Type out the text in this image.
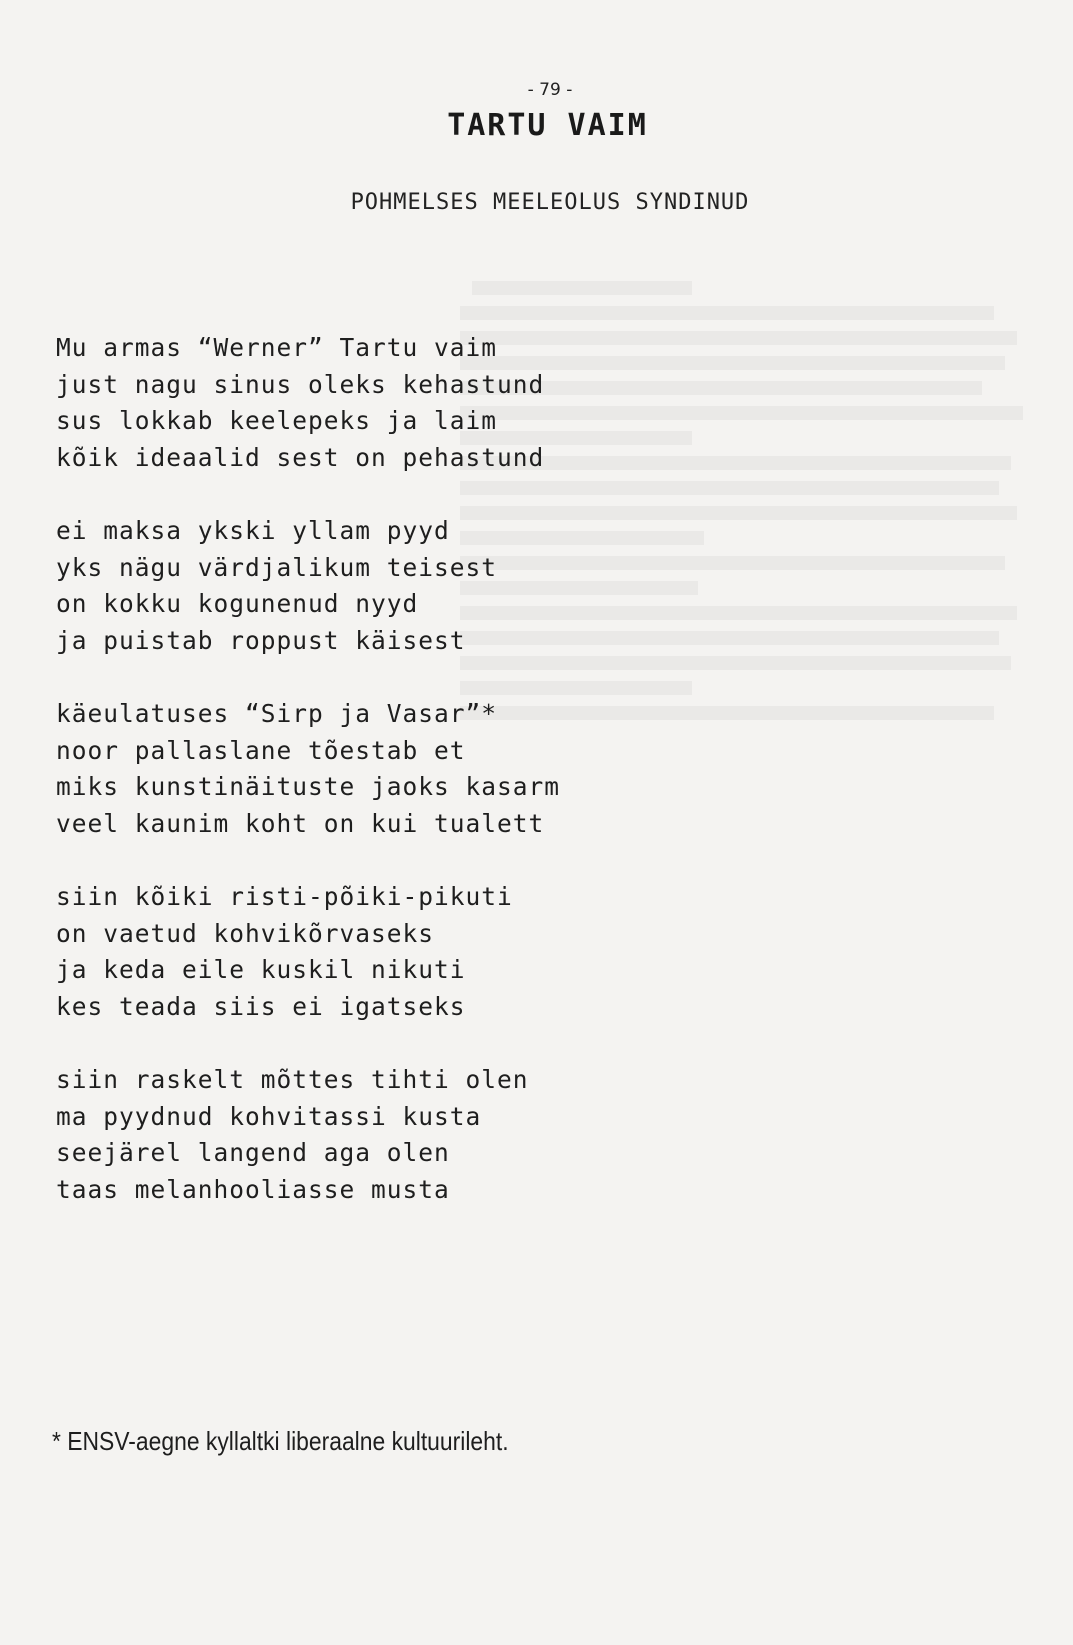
- 79 -
TARTU VAIM
POHMELSES MEELEOLUS SYNDINUD
Mu armas “Werner” Tartu vaim
just nagu sinus oleks kehastund
sus lokkab keelepeks ja laim
kõik ideaalid sest on pehastund
ei maksa ykski yllam pyyd
yks nägu värdjalikum teisest
on kokku kogunenud nyyd
ja puistab roppust käisest
käeulatuses “Sirp ja Vasar”*
noor pallaslane tõestab et
miks kunstinäituste jaoks kasarm
veel kaunim koht on kui tualett
siin kõiki risti-põiki-pikuti
on vaetud kohvikõrvaseks
ja keda eile kuskil nikuti
kes teada siis ei igatseks
siin raskelt mõttes tihti olen
ma pyydnud kohvitassi kusta
seejärel langend aga olen
taas melanhooliasse musta
* ENSV-aegne kyllaltki liberaalne kultuurileht.
